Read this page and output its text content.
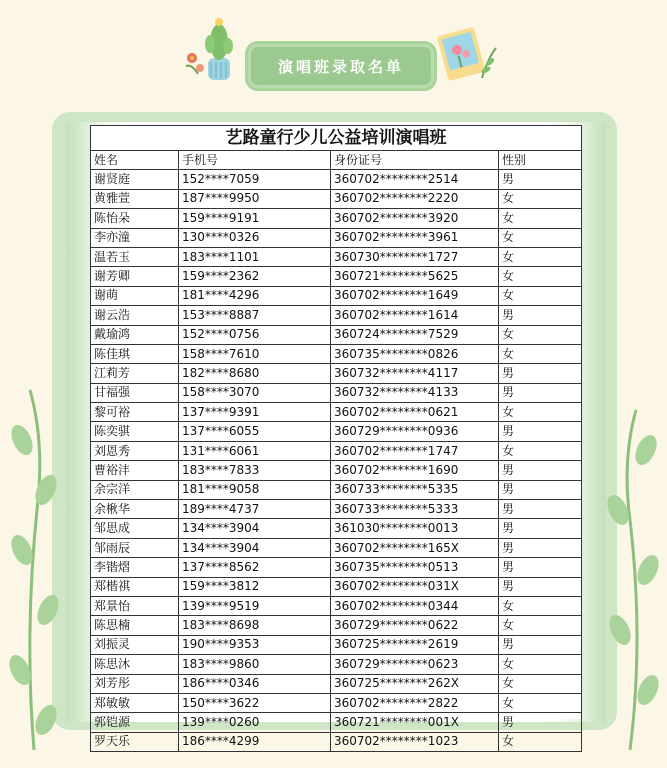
演唱班录取名单
艺路童行少儿公益培训演唱班			
姓名	手机号	身份证号	性别
谢贤庭	152****7059	360702********2514	男
黄雅萱	187****9950	360702********2220	女
陈怡朵	159****9191	360702********3920	女
李亦潼	130****0326	360702********3961	女
温若玉	183****1101	360730********1727	女
谢芳卿	159****2362	360721********5625	女
谢萌	181****4296	360702********1649	女
谢云浩	153****8887	360702********1614	男
戴瑜鸿	152****0756	360724********7529	女
陈佳琪	158****7610	360735********0826	女
江莉芳	182****8680	360732********4117	男
甘福强	158****3070	360732********4133	男
黎可裕	137****9391	360702********0621	女
陈奕骐	137****6055	360729********0936	男
刘恩秀	131****6061	360702********1747	女
曹裕沣	183****7833	360702********1690	男
余宗洋	181****9058	360733********5335	男
余楸华	189****4737	360733********5333	男
邹思成	134****3904	361030********0013	男
邹雨辰	134****3904	360702********165X	男
李锴熠	137****8562	360735********0513	男
郑楷祺	159****3812	360702********031X	男
郑景怡	139****9519	360702********0344	女
陈思楠	183****8698	360729********0622	女
刘振灵	190****9353	360725********2619	男
陈思沐	183****9860	360729********0623	女
刘芳彤	186****0346	360725********262X	女
郑敏敏	150****3622	360702********2822	女
郭铠源	139****0260	360721********001X	男
罗天乐	186****4299	360702********1023	女
